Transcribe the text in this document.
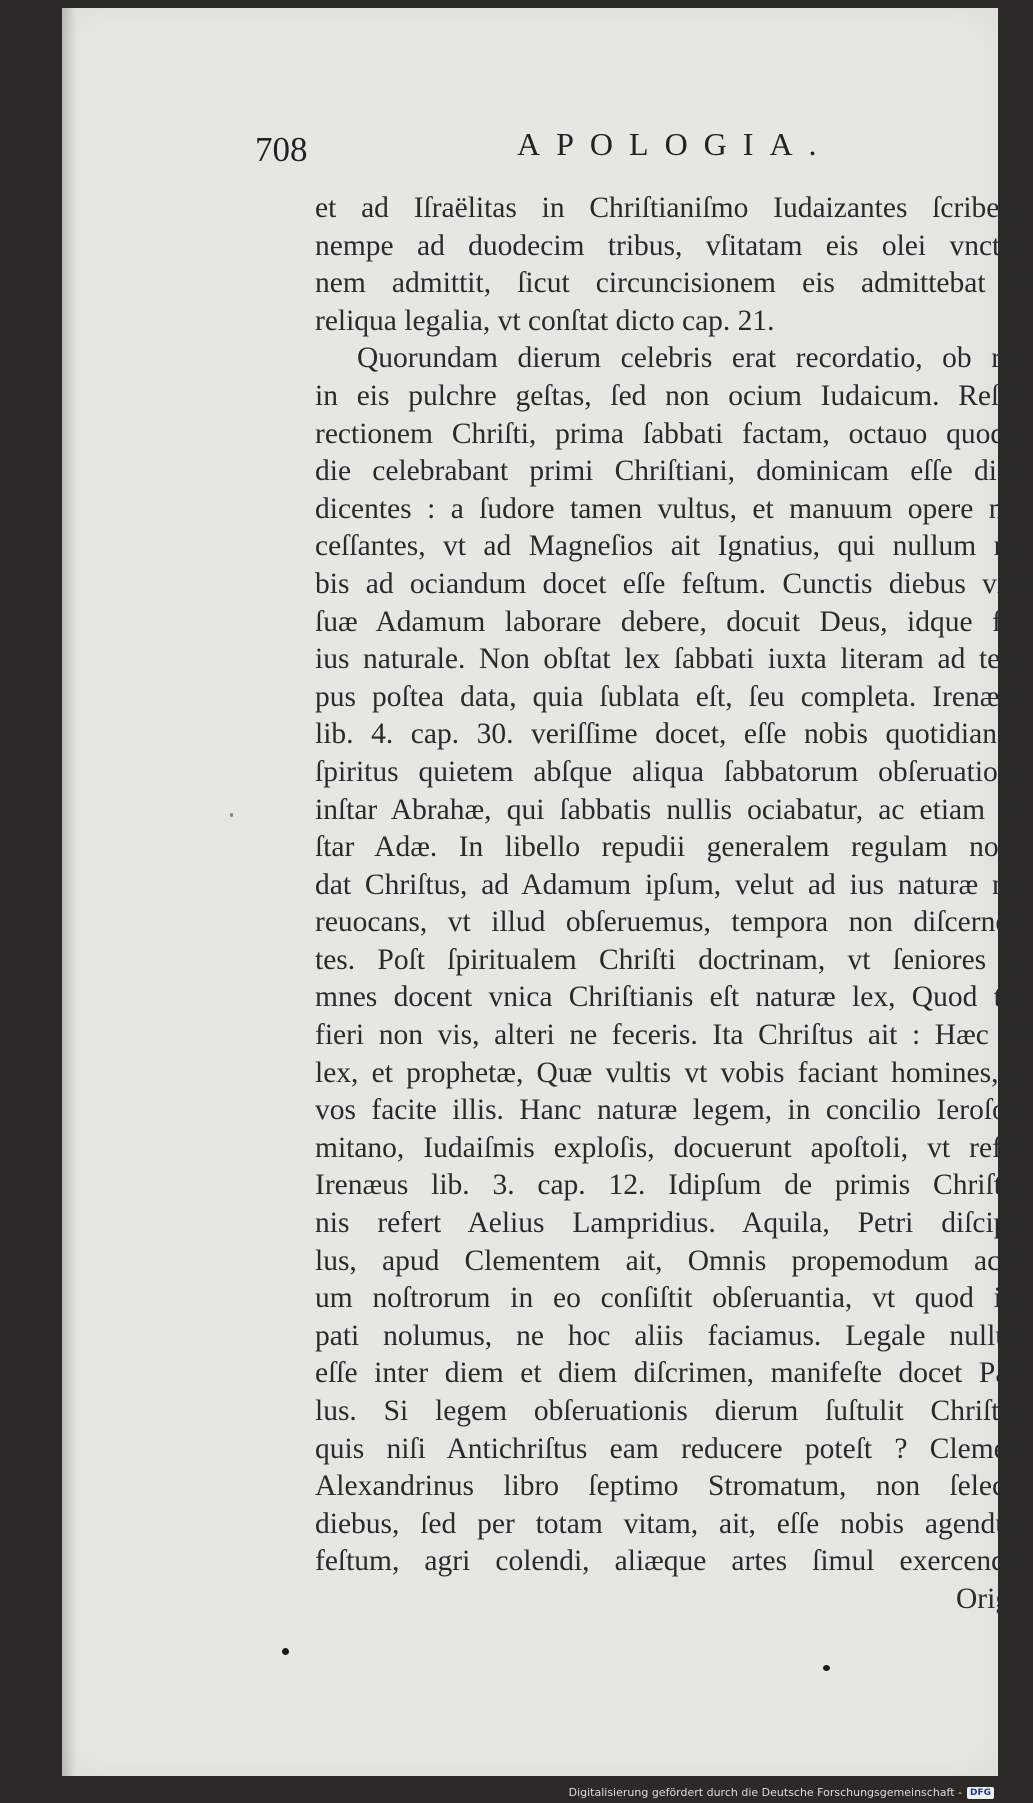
708	APOLOGIA.
et ad Iſraëlitas in Chriſtianiſmo Iudaizantes ſcribens,
nempe ad duodecim tribus, vſitatam eis olei vnctio-
nem admittit, ſicut circuncisionem eis admittebat et
reliqua legalia, vt conſtat dicto cap. 21.
Quorundam dierum celebris erat recordatio, ob res,
in eis pulchre geſtas, ſed non ocium Iudaicum. Reſur-
rectionem Chriſti, prima ſabbati factam, octauo quoque
die celebrabant primi Chriſtiani, dominicam eſſe diem
dicentes : a ſudore tamen vultus, et manuum opere non
ceſſantes, vt ad Magneſios ait Ignatius, qui nullum no-
bis ad ociandum docet eſſe feſtum. Cunctis diebus vitæ
ſuæ Adamum laborare debere, docuit Deus, idque fuit
ius naturale. Non obſtat lex ſabbati iuxta literam ad tem-
pus poſtea data, quia ſublata eſt, ſeu completa. Irenæus,
lib. 4. cap. 30. veriſſime docet, eſſe nobis quotidianam
ſpiritus quietem abſque aliqua ſabbatorum obſeruatione,
inſtar Abrahæ, qui ſabbatis nullis ociabatur, ac etiam in-
ſtar Adæ. In libello repudii generalem regulam nobis
dat Chriſtus, ad Adamum ipſum, velut ad ius naturæ nos
reuocans, vt illud obſeruemus, tempora non diſcernen-
tes. Poſt ſpiritualem Chriſti doctrinam, vt ſeniores o-
mnes docent vnica Chriſtianis eſt naturæ lex, Quod tibi
fieri non vis, alteri ne feceris. Ita Chriſtus ait : Hæc eſt
lex, et prophetæ, Quæ vultis vt vobis faciant homines, et
vos facite illis. Hanc naturæ legem, in concilio Ieroſoli-
mitano, Iudaiſmis exploſis, docuerunt apoſtoli, vt refert
Irenæus lib. 3. cap. 12. Idipſum de primis Chriſtia-
nis refert Aelius Lampridius. Aquila, Petri diſcipu-
lus, apud Clementem ait, Omnis propemodum actu-
um noſtrorum in eo conſiſtit obſeruantia, vt quod ipſi
pati nolumus, ne hoc aliis faciamus. Legale nullum
eſſe inter diem et diem diſcrimen, manifeſte docet Pau-
lus. Si legem obſeruationis dierum ſuſtulit Chriſtus,
quis niſi Antichriſtus eam reducere poteſt ? Clemens
Alexandrinus libro ſeptimo Stromatum, non ſelectis
diebus, ſed per totam vitam, ait, eſſe nobis agendum
feſtum, agri colendi, aliæque artes ſimul exercendæ.
Orige-
Digitalisierung gefördert durch die Deutsche Forschungsgemeinschaft - DFG
